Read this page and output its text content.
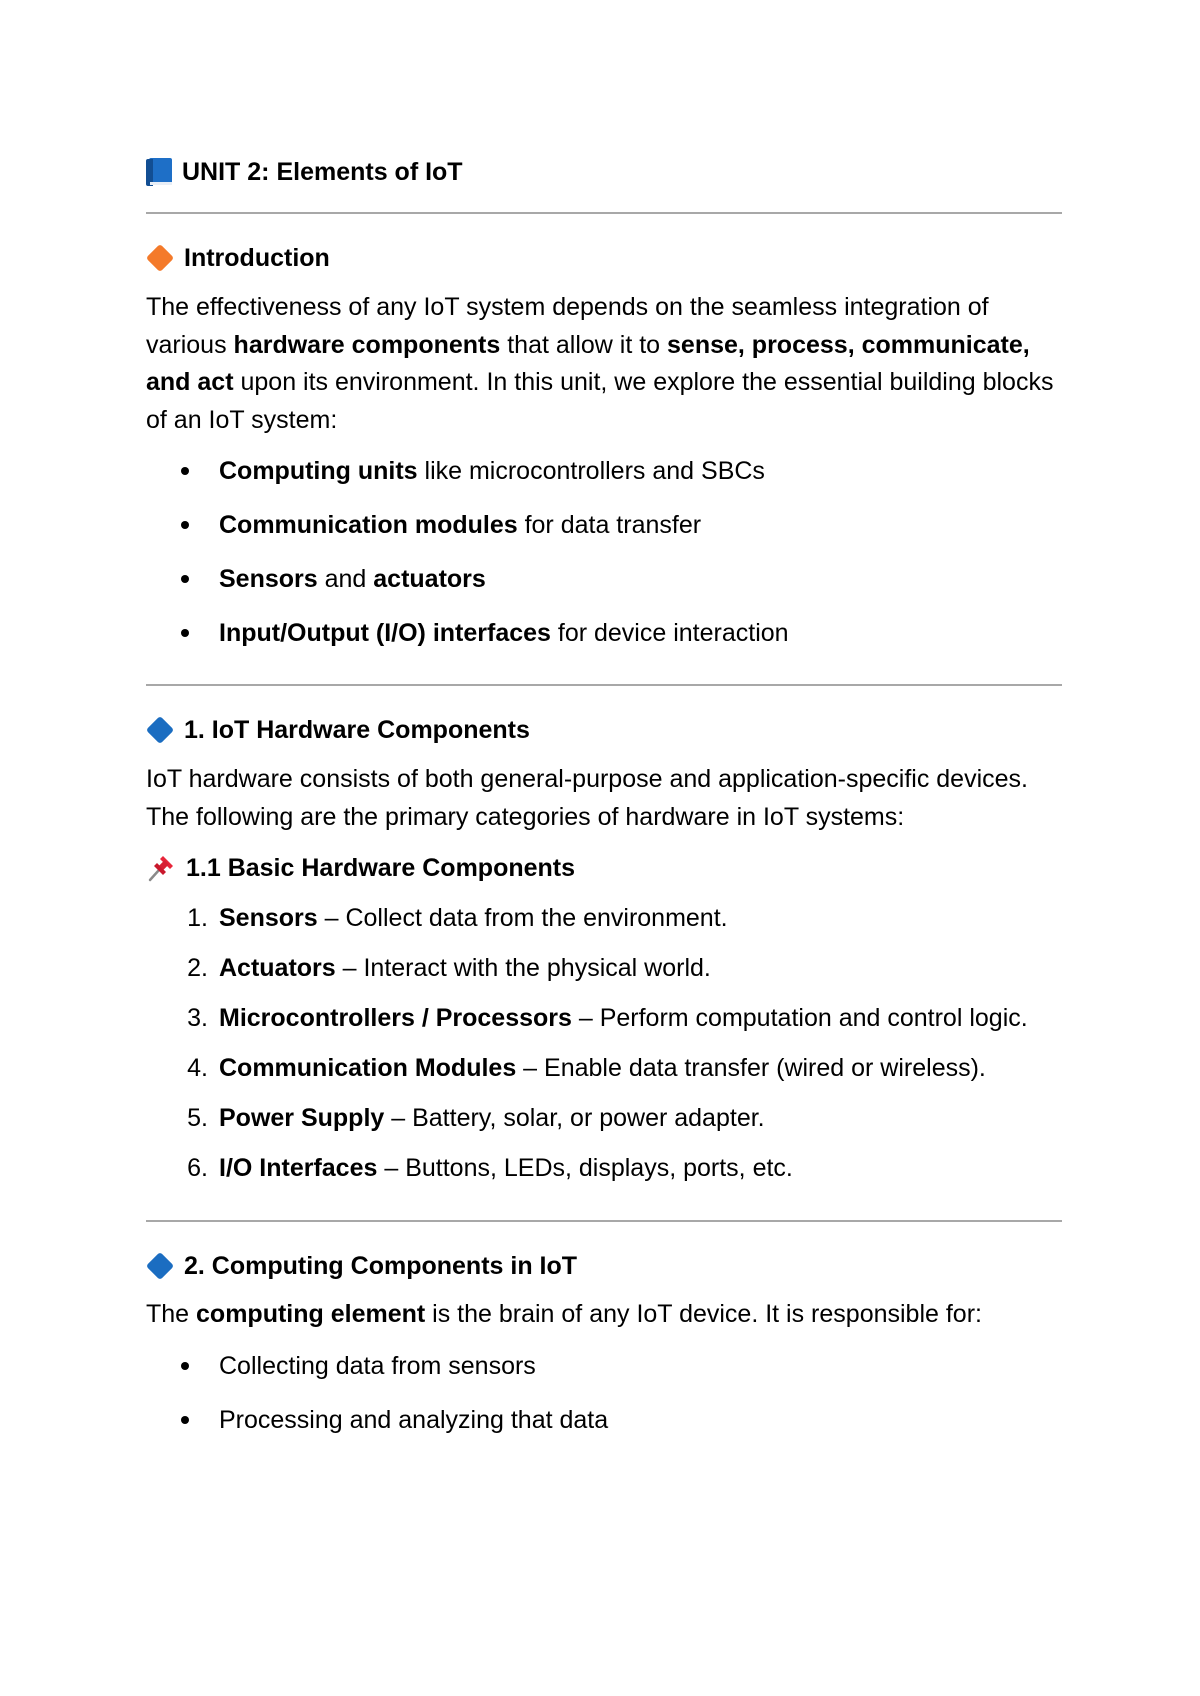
UNIT 2: Elements of IoT
Introduction

The effectiveness of any IoT system depends on the seamless integration of various hardware components that allow it to sense, process, communicate, and act upon its environment. In this unit, we explore the essential building blocks of an IoT system:

Computing units like microcontrollers and SBCs
Communication modules for data transfer
Sensors and actuators
Input/Output (I/O) interfaces for device interaction
1. IoT Hardware Components

IoT hardware consists of both general-purpose and application-specific devices. The following are the primary categories of hardware in IoT systems:

1.1 Basic Hardware Components
1. Sensors – Collect data from the environment.
2. Actuators – Interact with the physical world.
3. Microcontrollers / Processors – Perform computation and control logic.
4. Communication Modules – Enable data transfer (wired or wireless).
5. Power Supply – Battery, solar, or power adapter.
6. I/O Interfaces – Buttons, LEDs, displays, ports, etc.
2. Computing Components in IoT

The computing element is the brain of any IoT device. It is responsible for:

Collecting data from sensors
Processing and analyzing that data
